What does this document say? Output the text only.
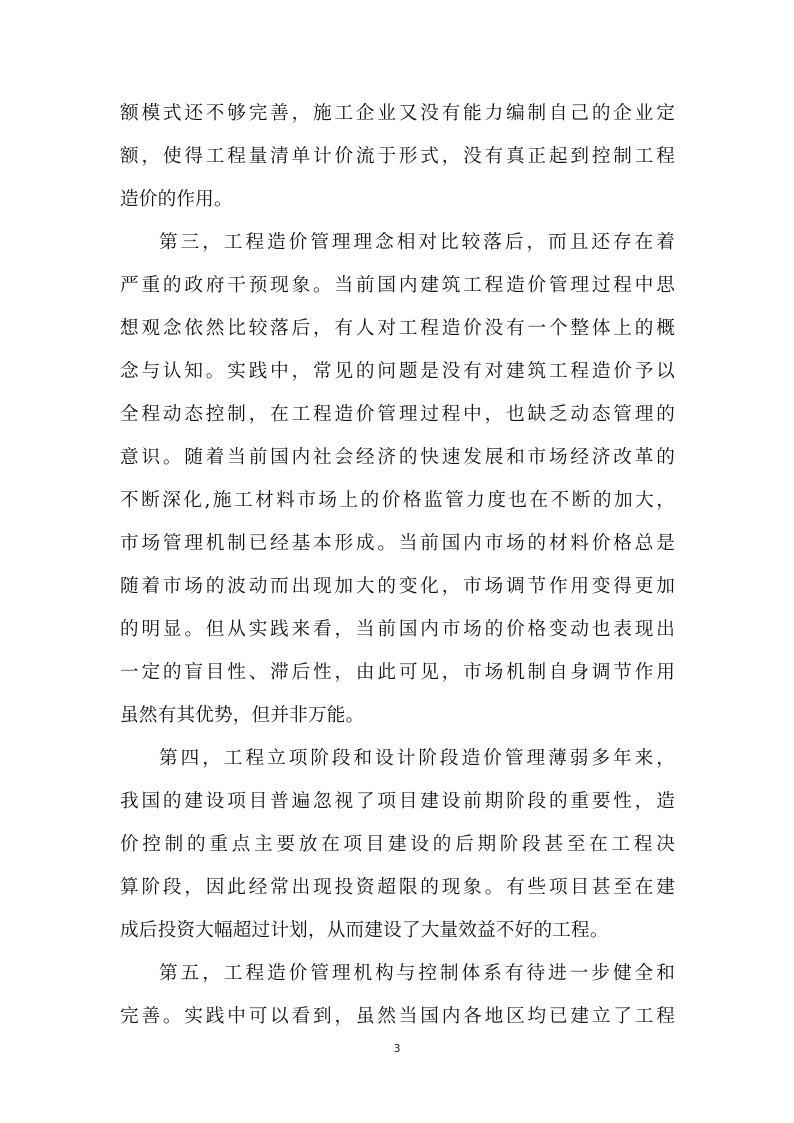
额模式还不够完善，施工企业又没有能力编制自己的企业定
额，使得工程量清单计价流于形式，没有真正起到控制工程
造价的作用。
第三，工程造价管理理念相对比较落后，而且还存在着
严重的政府干预现象。当前国内建筑工程造价管理过程中思
想观念依然比较落后，有人对工程造价没有一个整体上的概
念与认知。实践中，常见的问题是没有对建筑工程造价予以
全程动态控制，在工程造价管理过程中，也缺乏动态管理的
意识。随着当前国内社会经济的快速发展和市场经济改革的
不断深化,施工材料市场上的价格监管力度也在不断的加大，
市场管理机制已经基本形成。当前国内市场的材料价格总是
随着市场的波动而出现加大的变化，市场调节作用变得更加
的明显。但从实践来看，当前国内市场的价格变动也表现出
一定的盲目性、滞后性，由此可见，市场机制自身调节作用
虽然有其优势，但并非万能。
第四，工程立项阶段和设计阶段造价管理薄弱多年来，
我国的建设项目普遍忽视了项目建设前期阶段的重要性，造
价控制的重点主要放在项目建设的后期阶段甚至在工程决
算阶段，因此经常出现投资超限的现象。有些项目甚至在建
成后投资大幅超过计划，从而建设了大量效益不好的工程。
第五，工程造价管理机构与控制体系有待进一步健全和
完善。实践中可以看到，虽然当国内各地区均已建立了工程
3
